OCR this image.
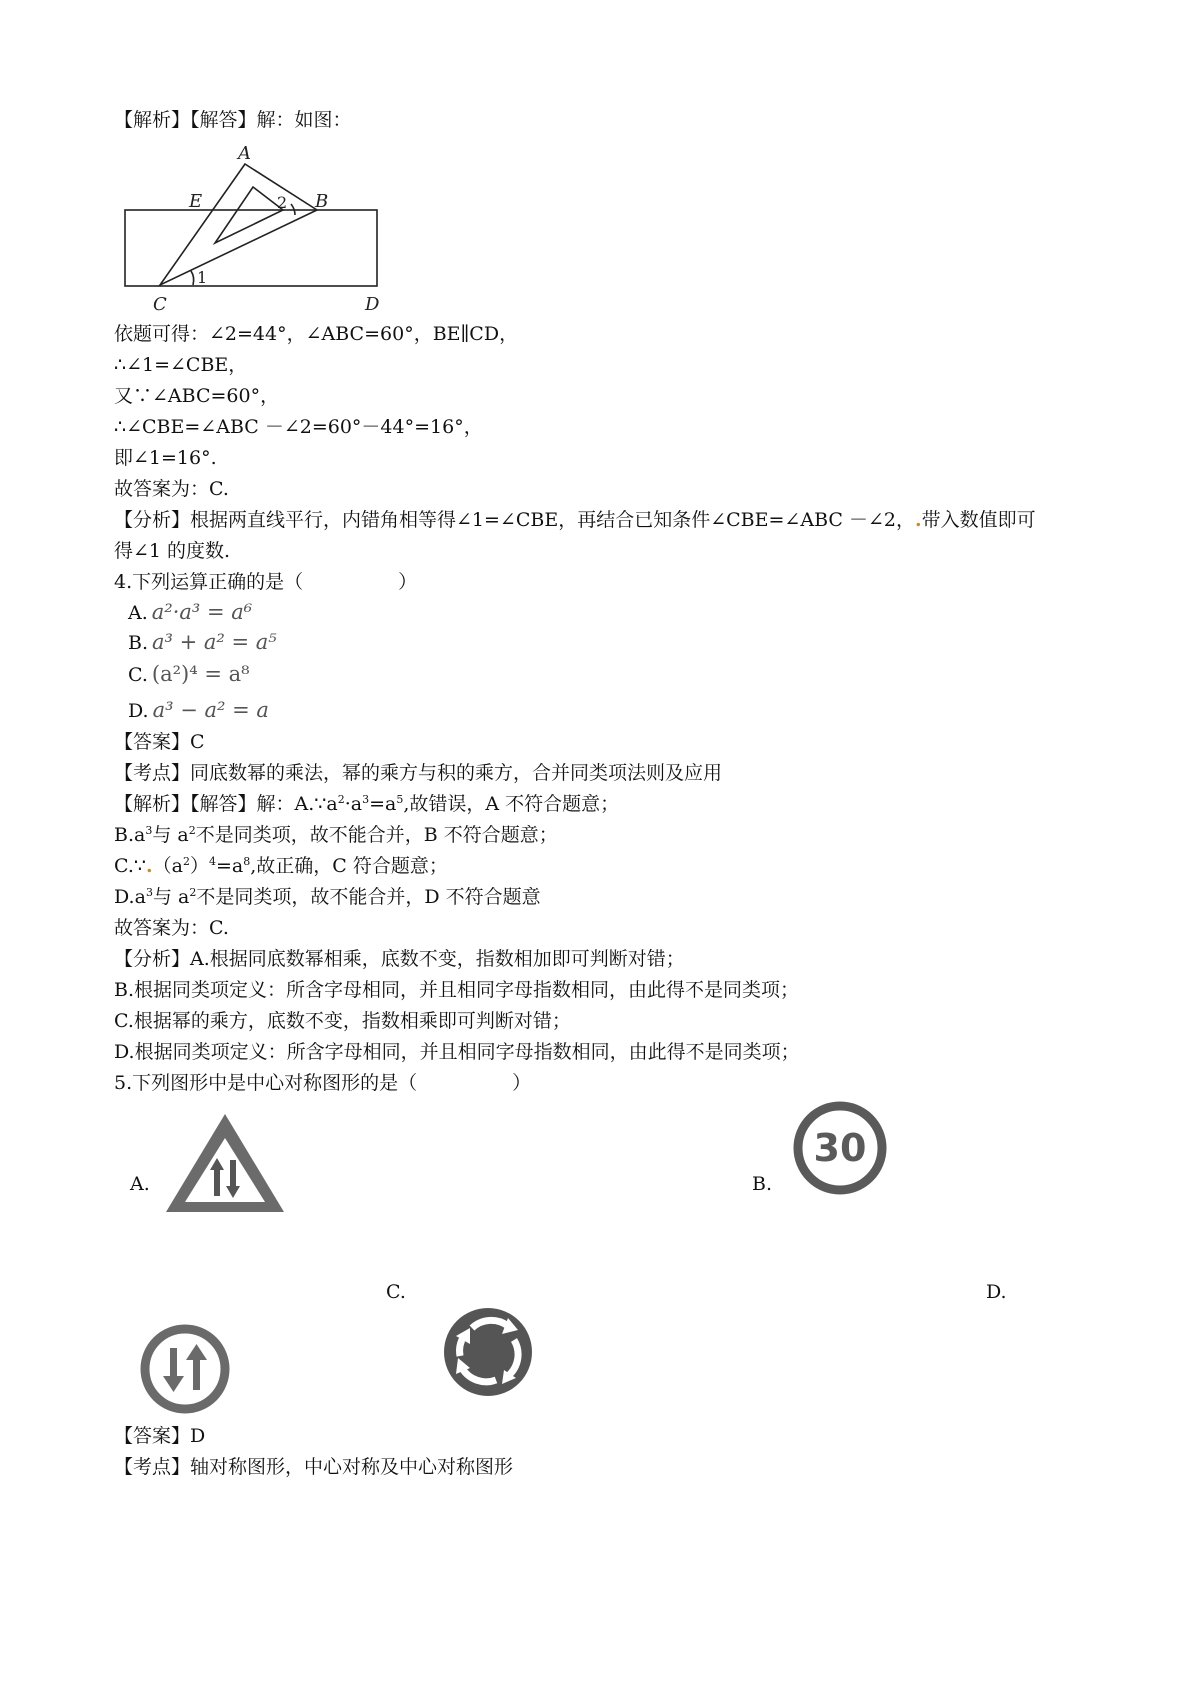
【解析】【解答】解：如图：
A
E	B
C	D
2
1
依题可得：∠2=44°，∠ABC=60°，BE∥CD，
∴∠1=∠CBE，
又∵∠ABC=60°，
∴∠CBE=∠ABC －∠2=60°－44°=16°，
即∠1=16°.
故答案为：C.
【分析】根据两直线平行，内错角相等得∠1=∠CBE，再结合已知条件∠CBE=∠ABC －∠2，.带入数值即可
得∠1 的度数.
4.下列运算正确的是（　　　　　）
A. a²·a³ = a⁶
B. a³ + a² = a⁵
C. (a²)⁴ = a⁸
D. a³ − a² = a
【答案】C
【考点】同底数幂的乘法，幂的乘方与积的乘方，合并同类项法则及应用
【解析】【解答】解：$A.\because a^2\cdot a^3=a^5$,故错误，A 不符合题意；
$B.a^3$与 $a^2$不是同类项，故不能合并，B 不符合题意；
$C.\because.(a^2)^4=a^8$,故正确，C 符合题意；
$D.a^3$与 $a^2$不是同类项，故不能合并，D 不符合题意
故答案为：C.
【分析】A.根据同底数幂相乘，底数不变，指数相加即可判断对错；
B.根据同类项定义：所含字母相同，并且相同字母指数相同，由此得不是同类项；
C.根据幂的乘方，底数不变，指数相乘即可判断对错；
D.根据同类项定义：所含字母相同，并且相同字母指数相同，由此得不是同类项；
5.下列图形中是中心对称图形的是（　　　　　）
A.	B.
30
C.	D.
【答案】D
【考点】轴对称图形，中心对称及中心对称图形
